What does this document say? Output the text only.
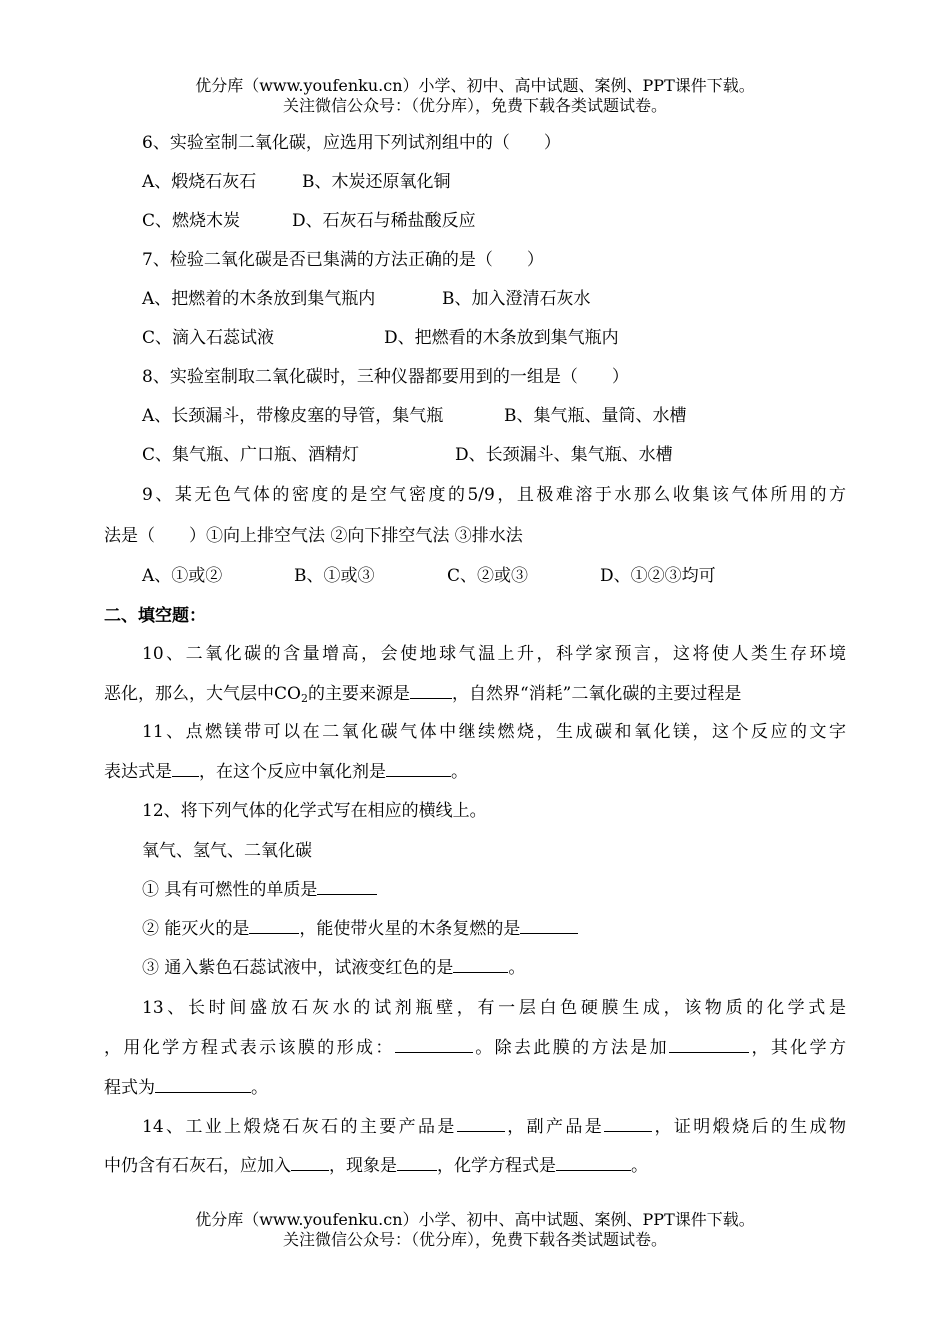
优分库（www.youfenku.cn）小学、初中、高中试题、案例、PPT课件下载。
关注微信公众号：（优分库），免费下载各类试题试卷。
6、实验室制二氧化碳，应选用下列试剂组中的（　　）
A、煅烧石灰石	B、木炭还原氧化铜
C、燃烧木炭	D、石灰石与稀盐酸反应
7、检验二氧化碳是否已集满的方法正确的是（　　）
A、把燃着的木条放到集气瓶内	B、加入澄清石灰水
C、滴入石蕊试液	D、把燃看的木条放到集气瓶内
8、实验室制取二氧化碳时，三种仪器都要用到的一组是（　　）
A、长颈漏斗，带橡皮塞的导管，集气瓶	B、集气瓶、量筒、水槽
C、集气瓶、广口瓶、酒精灯	D、长颈漏斗、集气瓶、水槽
9、某无色气体的密度的是空气密度的5/9，且极难溶于水那么收集该气体所用的方
法是（　　）①向上排空气法 ②向下排空气法 ③排水法
A、①或②	B、①或③	C、②或③	D、①②③均可
二、填空题：
10、二氧化碳的含量增高，会使地球气温上升，科学家预言，这将使人类生存环境
恶化，那么，大气层中$CO_2$的主要来源是 ，自然界“消耗”二氧化碳的主要过程是
11、点燃镁带可以在二氧化碳气体中继续燃烧，生成碳和氧化镁，这个反应的文字
表达式是 ，在这个反应中氧化剂是	。
12、将下列气体的化学式写在相应的横线上。
氧气、氢气、二氧化碳
① 具有可燃性的单质是
② 能灭火的是	，能使带火星的木条复燃的是
③ 通入紫色石蕊试液中，试液变红色的是	。
13、长时间盛放石灰水的试剂瓶壁，有一层白色硬膜生成，该物质的化学式是
，用化学方程式表示该膜的形成：	。除去此膜的方法是加	，其化学方
程式为	。
14、工业上煅烧石灰石的主要产品是	，副产品是	，证明煅烧后的生成物
中仍含有石灰石，应加入 ，现象是 ，化学方程式是	。
优分库（www.youfenku.cn）小学、初中、高中试题、案例、PPT课件下载。
关注微信公众号：（优分库），免费下载各类试题试卷。
